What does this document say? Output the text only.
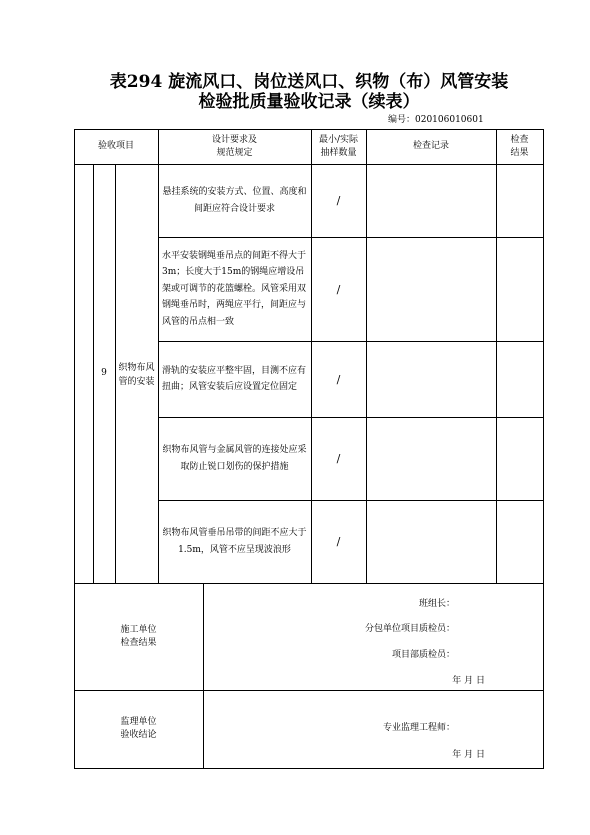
表294 旋流风口、岗位送风口、织物（布）风管安装
检验批质量验收记录（续表）
编号：020106010601
验收项目
设计要求及
规范规定
最小/实际
抽样数量
检查记录
检查
结果
9	织物布风管的安装
悬挂系统的安装方式、位置、高度和间距应符合设计要求
/
水平安装钢绳垂吊点的间距不得大于3m；长度大于15m的钢绳应增设吊架或可调节的花篮螺栓。风管采用双钢绳垂吊时，两绳应平行，间距应与风管的吊点相一致
/
滑轨的安装应平整牢固，目测不应有扭曲；风管安装后应设置定位固定
/
织物布风管与金属风管的连接处应采取防止锐口划伤的保护措施
/
织物布风管垂吊吊带的间距不应大于1.5m，风管不应呈现波浪形
/
施工单位
检查结果
班组长：
分包单位项目质检员：
项目部质检员：
年 月 日
监理单位
验收结论
专业监理工程师：
年 月 日
